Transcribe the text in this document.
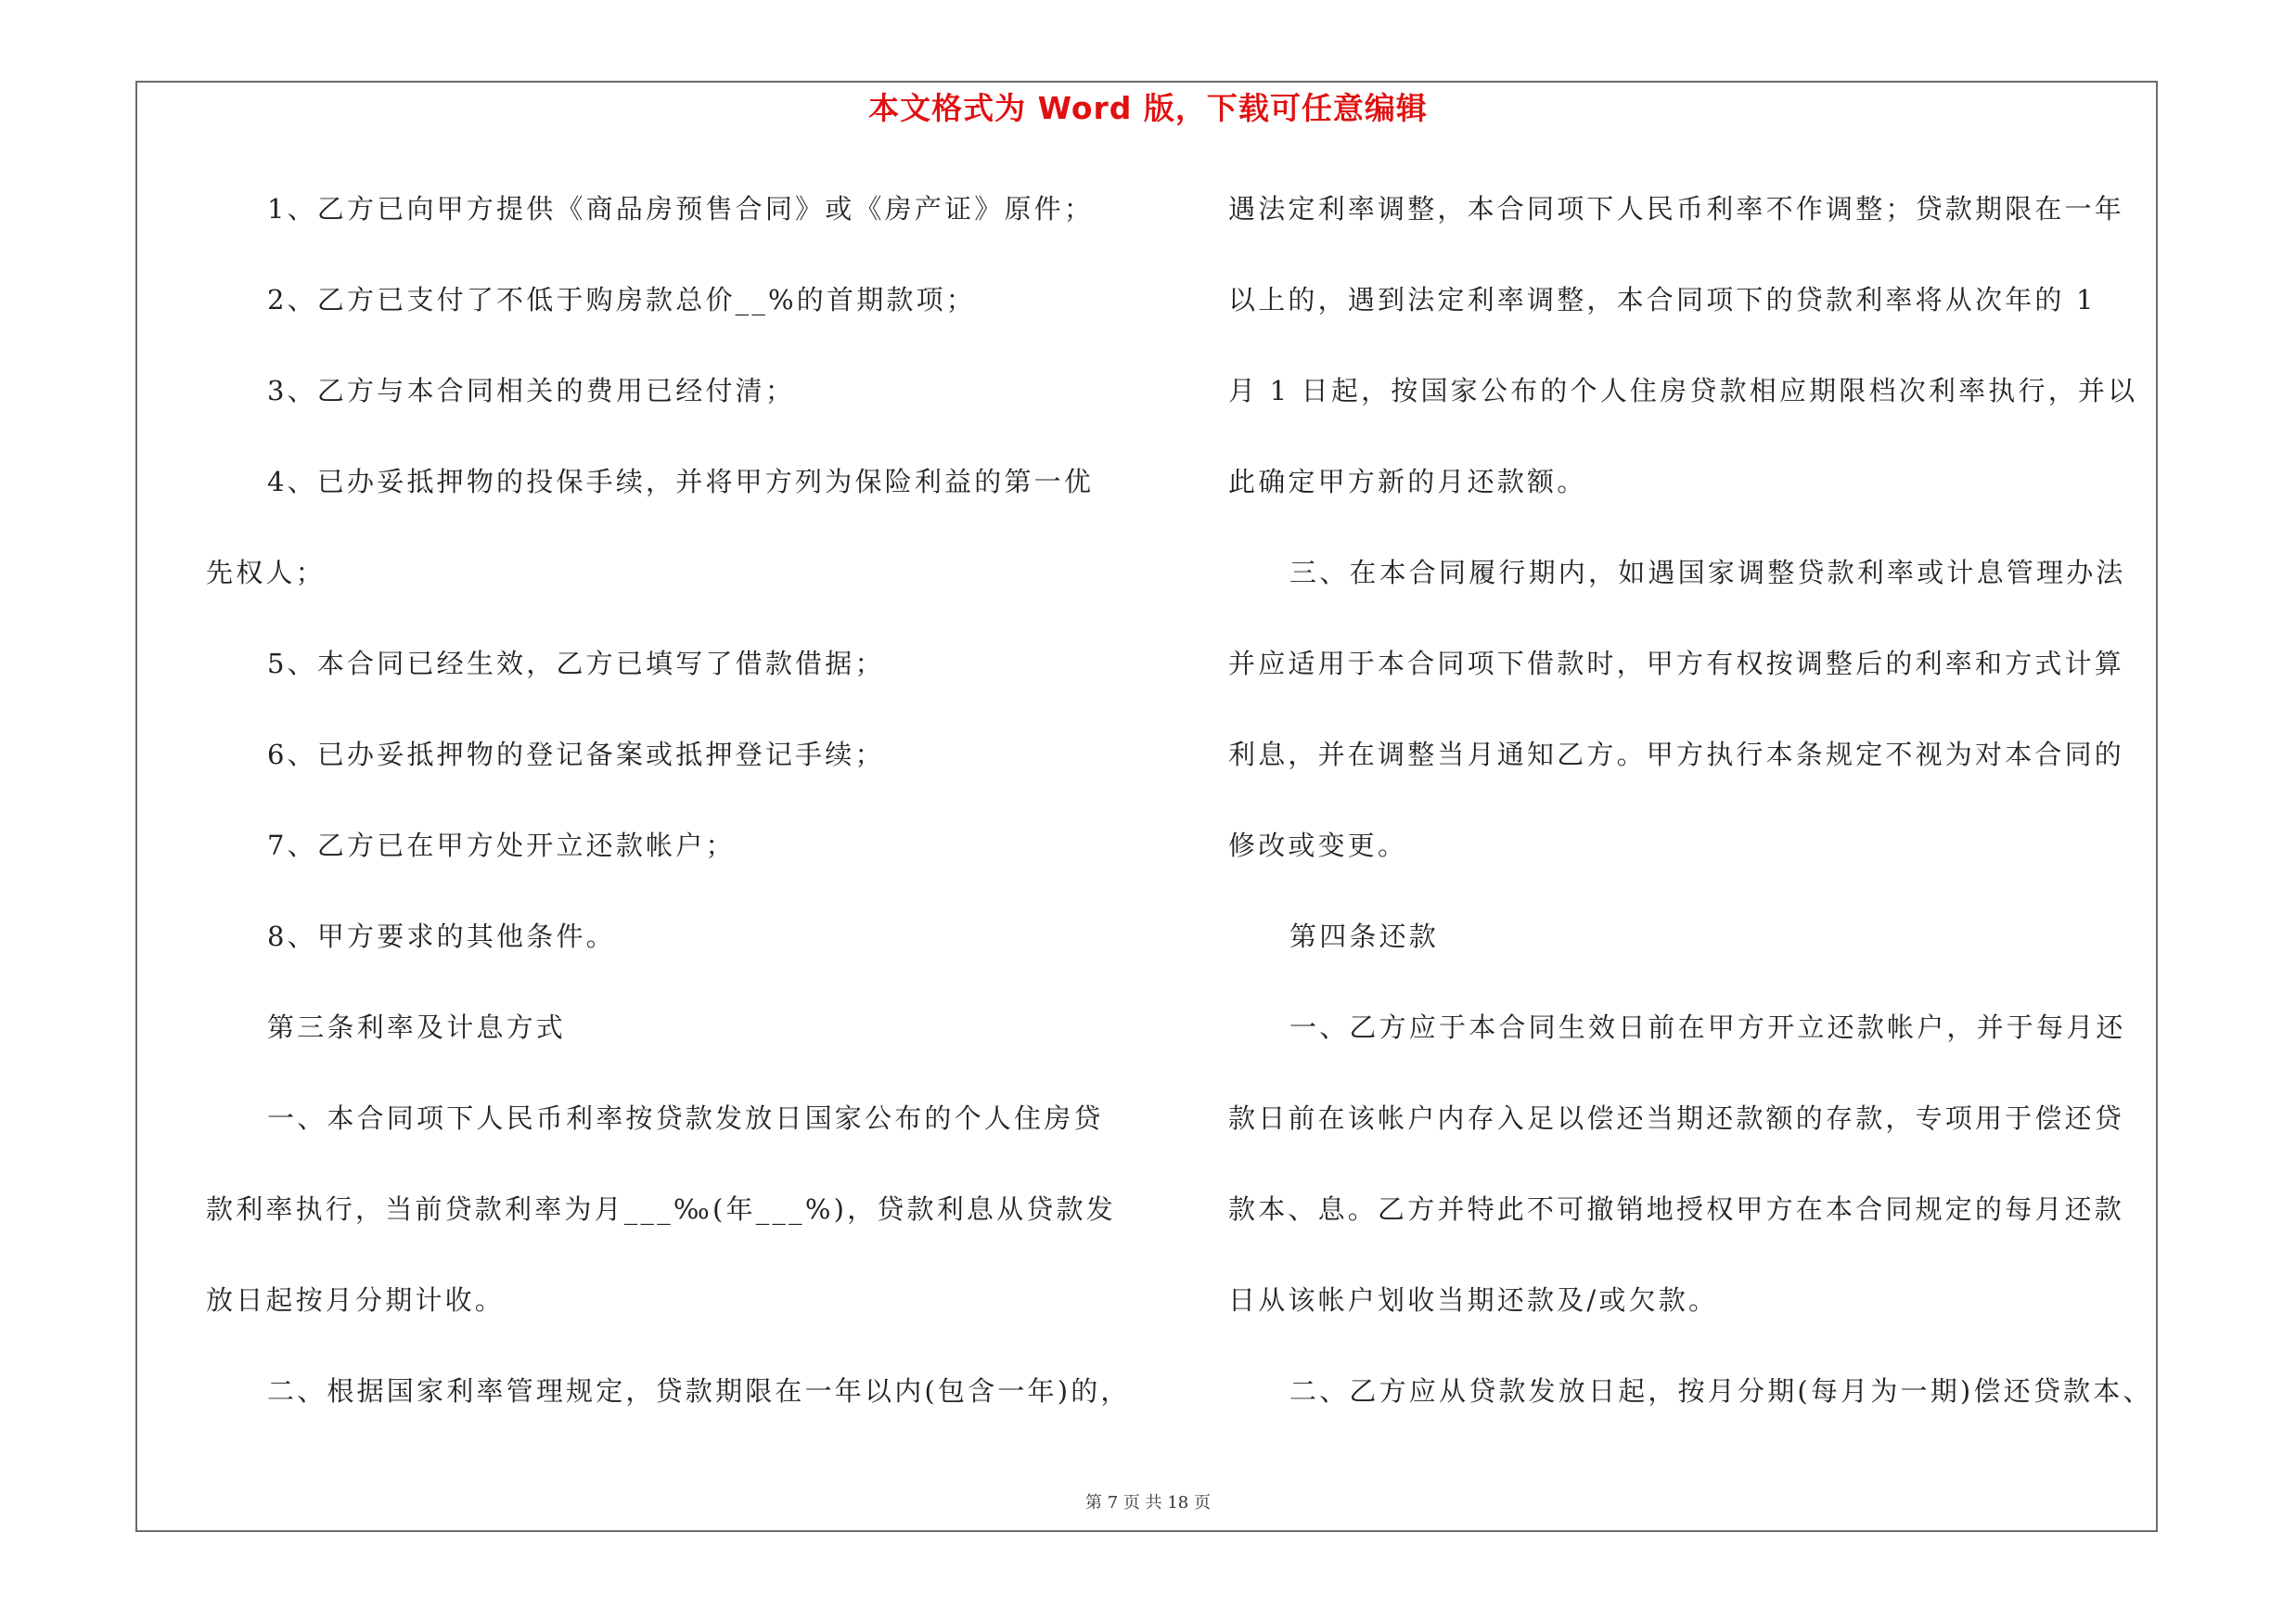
本文格式为 Word 版，下载可任意编辑
1、乙方已向甲方提供《商品房预售合同》或《房产证》原件；
2、乙方已支付了不低于购房款总价__%的首期款项；
3、乙方与本合同相关的费用已经付清；
4、已办妥抵押物的投保手续，并将甲方列为保险利益的第一优
先权人；
5、本合同已经生效，乙方已填写了借款借据；
6、已办妥抵押物的登记备案或抵押登记手续；
7、乙方已在甲方处开立还款帐户；
8、甲方要求的其他条件。
第三条利率及计息方式
一、本合同项下人民币利率按贷款发放日国家公布的个人住房贷
款利率执行，当前贷款利率为月___‰(年___%)，贷款利息从贷款发
放日起按月分期计收。
二、根据国家利率管理规定，贷款期限在一年以内(包含一年)的，
遇法定利率调整，本合同项下人民币利率不作调整；贷款期限在一年
以上的，遇到法定利率调整，本合同项下的贷款利率将从次年的 1
月 1 日起，按国家公布的个人住房贷款相应期限档次利率执行，并以
此确定甲方新的月还款额。
三、在本合同履行期内，如遇国家调整贷款利率或计息管理办法
并应适用于本合同项下借款时，甲方有权按调整后的利率和方式计算
利息，并在调整当月通知乙方。甲方执行本条规定不视为对本合同的
修改或变更。
第四条还款
一、乙方应于本合同生效日前在甲方开立还款帐户，并于每月还
款日前在该帐户内存入足以偿还当期还款额的存款，专项用于偿还贷
款本、息。乙方并特此不可撤销地授权甲方在本合同规定的每月还款
日从该帐户划收当期还款及/或欠款。
二、乙方应从贷款发放日起，按月分期(每月为一期)偿还贷款本、
第 7 页 共 18 页
